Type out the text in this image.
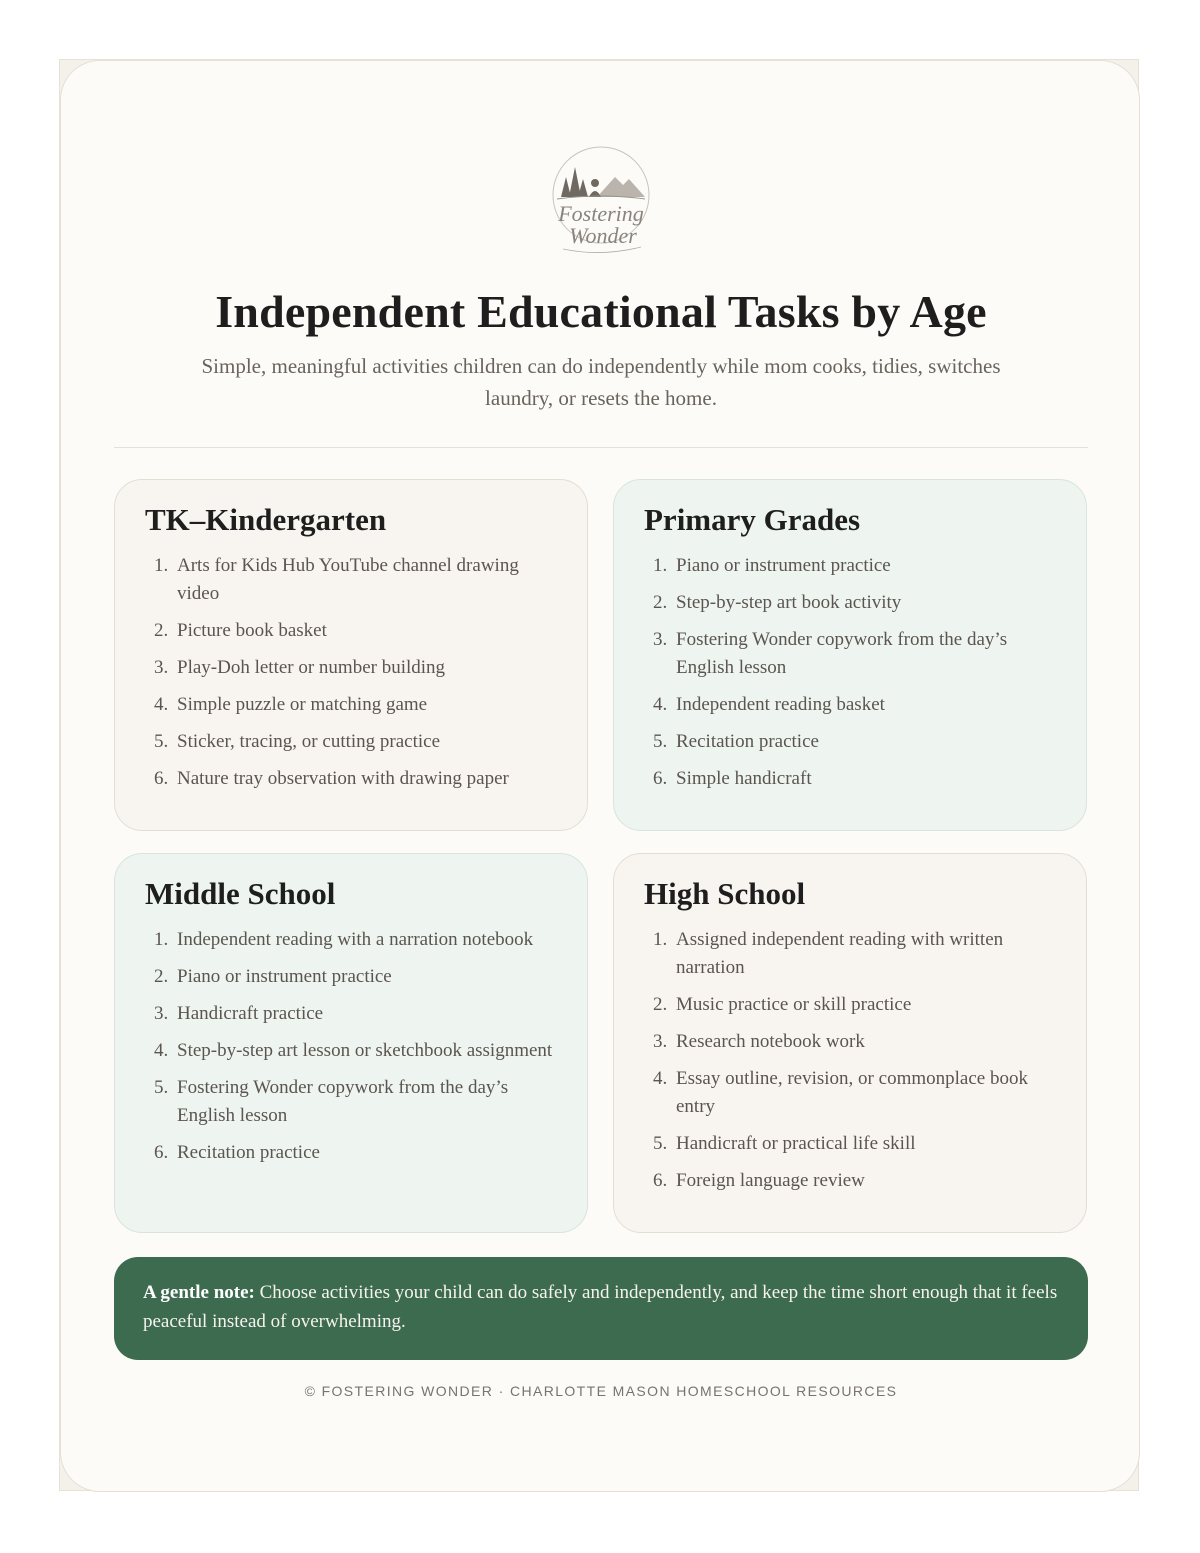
Fostering
Wonder
Independent Educational Tasks by Age

Simple, meaningful activities children can do independently while mom cooks, tidies, switches laundry, or resets the home.

TK–Kindergarten
1. Arts for Kids Hub YouTube channel drawing video
2. Picture book basket
3. Play-Doh letter or number building
4. Simple puzzle or matching game
5. Sticker, tracing, or cutting practice
6. Nature tray observation with drawing paper
Primary Grades
1. Piano or instrument practice
2. Step-by-step art book activity
3. Fostering Wonder copywork from the day’s English lesson
4. Independent reading basket
5. Recitation practice
6. Simple handicraft
Middle School
1. Independent reading with a narration notebook
2. Piano or instrument practice
3. Handicraft practice
4. Step-by-step art lesson or sketchbook assignment
5. Fostering Wonder copywork from the day’s English lesson
6. Recitation practice
High School
1. Assigned independent reading with written narration
2. Music practice or skill practice
3. Research notebook work
4. Essay outline, revision, or commonplace book entry
5. Handicraft or practical life skill
6. Foreign language review
A gentle note: Choose activities your child can do safely and independently, and keep the time short enough that it feels peaceful instead of overwhelming.
© FOSTERING WONDER · CHARLOTTE MASON HOMESCHOOL RESOURCES
